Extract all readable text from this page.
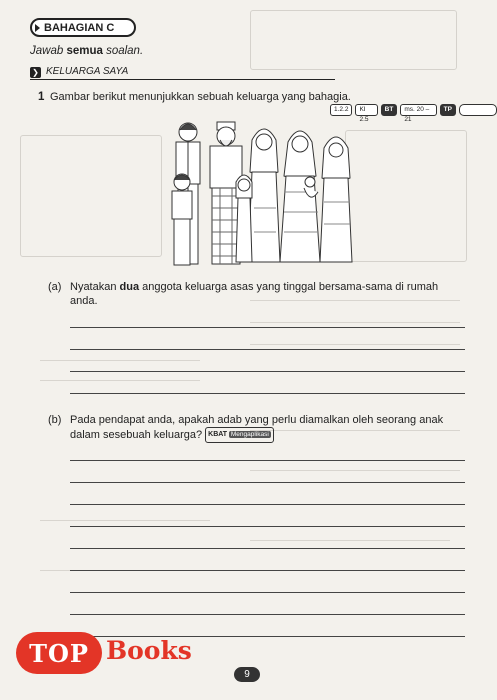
BAHAGIAN C
Jawab semua soalan.
❯ KELUARGA SAYA
1 Gambar berikut menunjukkan sebuah keluarga yang bahagia.
1.2.2	KI 2.5
BT	ms. 20 – 21
TP
(a) Nyatakan dua anggota keluarga asas yang tinggal bersama-sama di rumah
anda.
(b) Pada pendapat anda, apakah adab yang perlu diamalkan oleh seorang anak
dalam sesebuah keluarga? KBAT Mengaplikasi
TOP Books
9
